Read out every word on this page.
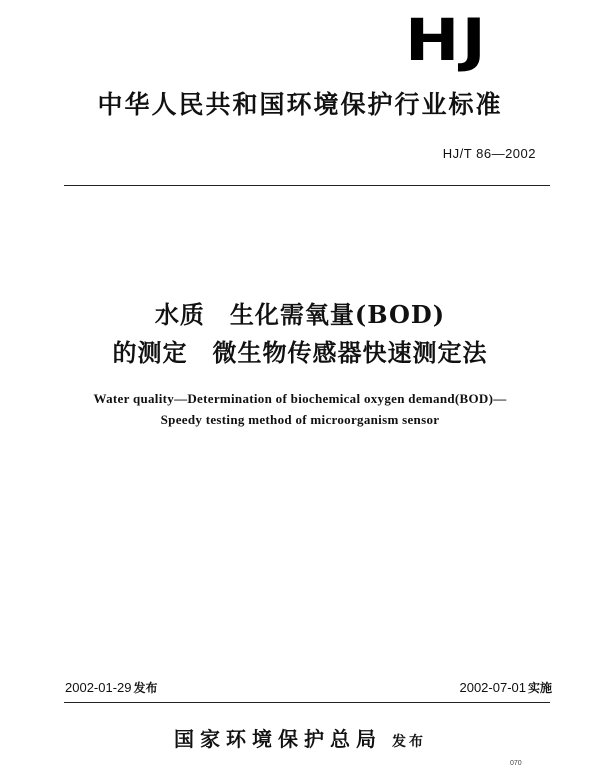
HJ
中华人民共和国环境保护行业标准
HJ/T 86—2002
水质　生化需氧量(BOD)
的测定　微生物传感器快速测定法
Water quality—Determination of biochemical oxygen demand(BOD)—
Speedy testing method of microorganism sensor
2002-01-29 发布	2002-07-01 实施
国家环境保护总局 发布
070
